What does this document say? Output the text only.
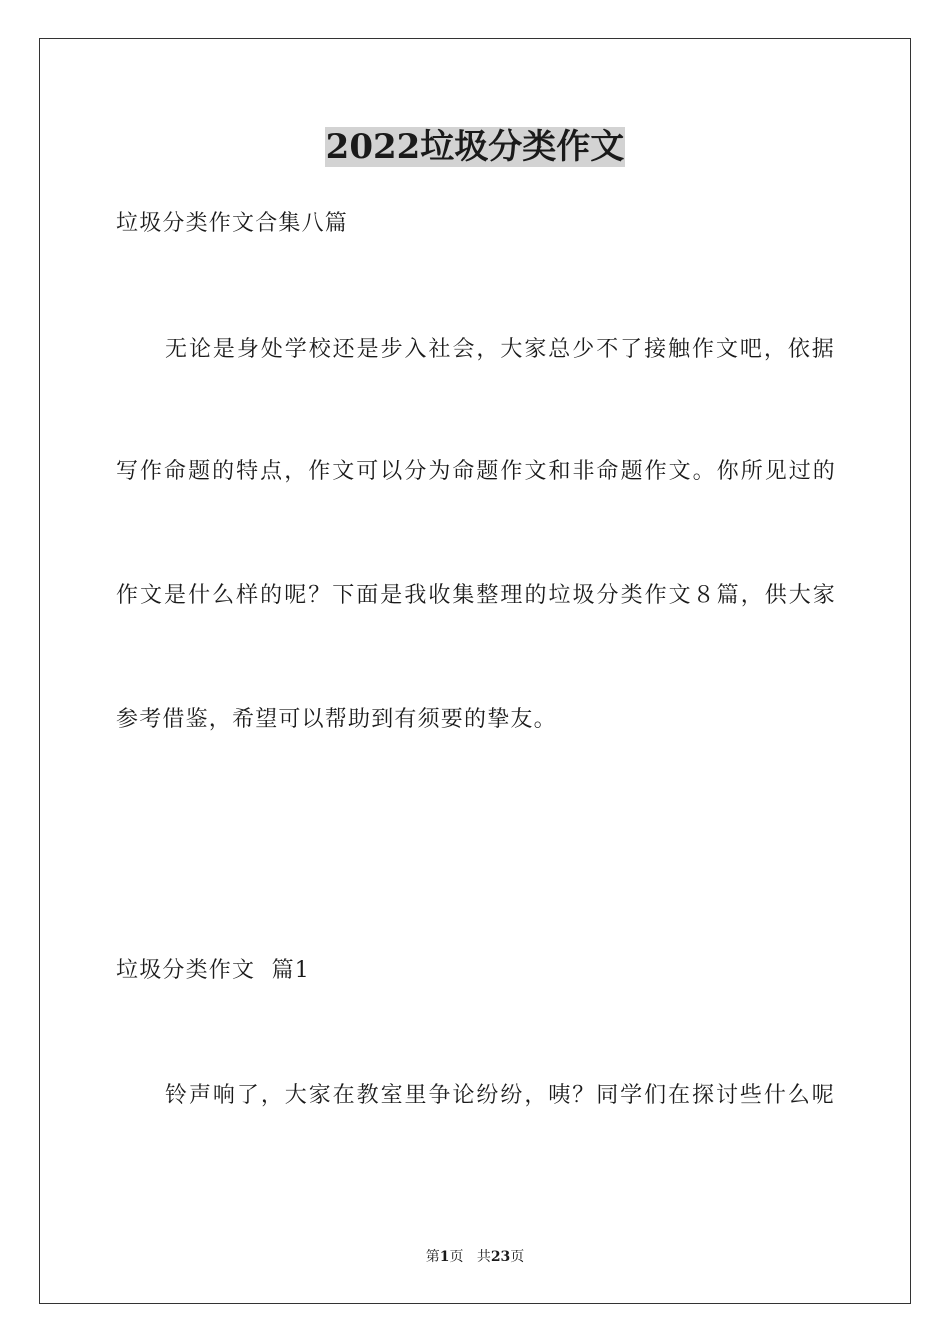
2022垃圾分类作文
垃圾分类作文合集八篇
无论是身处学校还是步入社会，大家总少不了接触作文吧，依据
写作命题的特点，作文可以分为命题作文和非命题作文。你所见过的
作文是什么样的呢？下面是我收集整理的垃圾分类作文８篇，供大家
参考借鉴，希望可以帮助到有须要的挚友。
垃圾分类作文  篇1
铃声响了，大家在教室里争论纷纷，咦？同学们在探讨些什么呢
第1页 共23页
